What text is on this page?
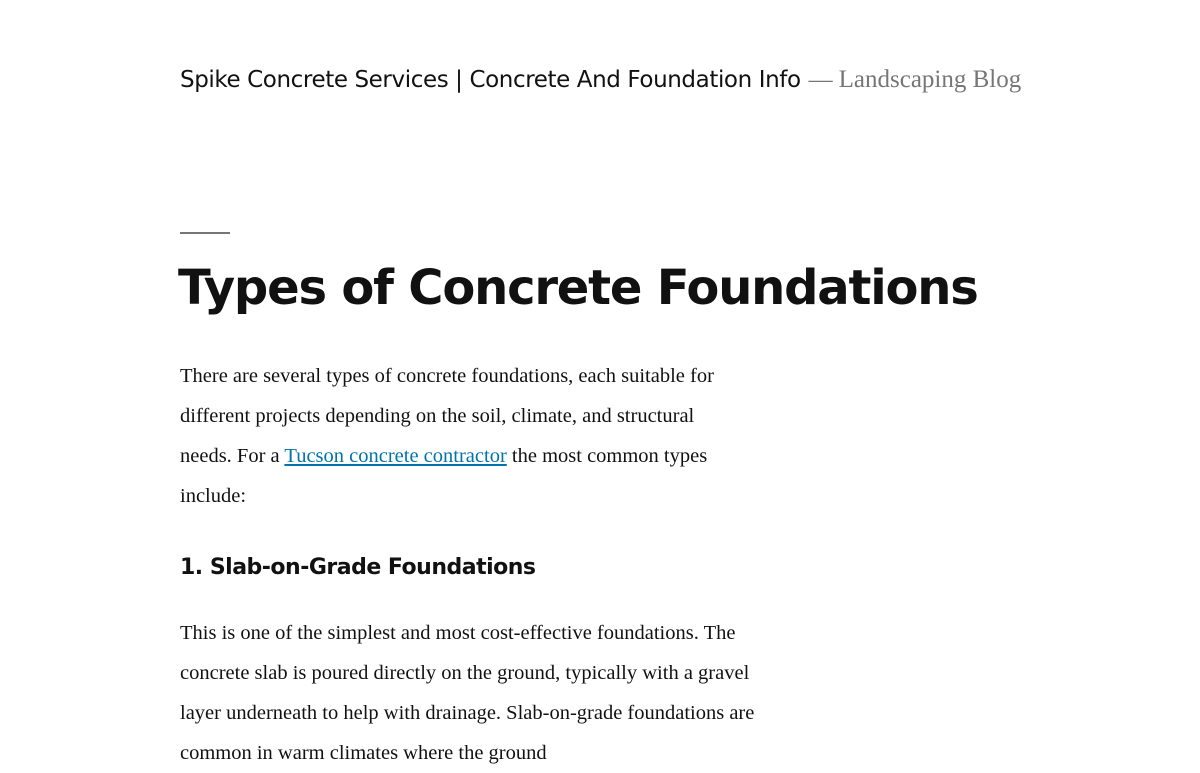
Spike Concrete Services | Concrete And Foundation Info — Landscaping Blog
Types of Concrete Foundations

There are several types of concrete foundations, each suitable for different projects depending on the soil, climate, and structural needs. For a Tucson concrete contractor the most common types include:

1. Slab-on-Grade Foundations

This is one of the simplest and most cost-effective foundations. The concrete slab is poured directly on the ground, typically with a gravel layer underneath to help with drainage. Slab-on-grade foundations are common in warm climates where the ground
